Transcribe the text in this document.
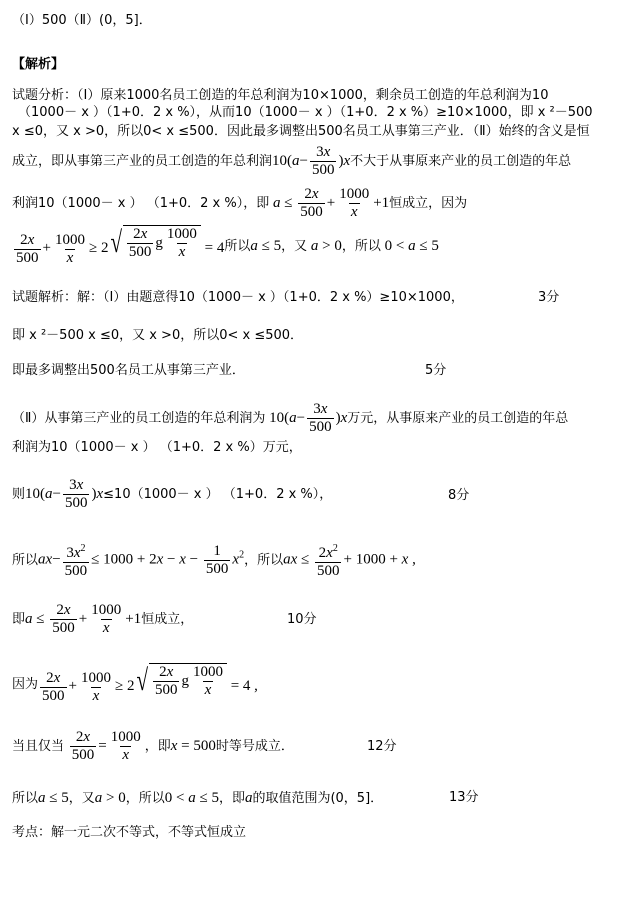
（Ⅰ）500（Ⅱ）(0，5]．
【解析】
试题分析：（Ⅰ）原来1000名员工创造的年总利润为10×1000，剩余员工创造的年总利润为10
（1000－ x ）（1+0．2 x %），从而10（1000－ x ）（1+0．2 x %）≥10×1000，即 x ²－500
x ≤0，又 x >0，所以0< x ≤500．因此最多调整出500名员工从事第三产业．（Ⅱ）始终的含义是恒
成立，即从事第三产业的员工创造的年总利润 $10(a- \frac{3x}{500} )x$ 不大于从事原来产业的员工创造的年总
利润10（1000－ x ） （1+0．2 x %），即 $a \le \frac{2x}{500} + \frac{1000}{x} +1$ 恒成立，因为
$\frac{2x}{500} + \frac{1000}{x} \ge 2$ √ $\frac{2x}{500}$ g $\frac{1000}{x} = 4$ 所以 a ≤ 5 ，又 a > 0 ，所以 0 < a ≤ 5
试题解析：解：（Ⅰ）由题意得10（1000－ x ）（1+0．2 x %）≥10×1000，	3分
即 x ²－500 x ≤0，又 x >0，所以0< x ≤500．
即最多调整出500名员工从事第三产业．	5分
（Ⅱ）从事第三产业的员工创造的年总利润为 $10(a- \frac{3x}{500} )x$ 万元，从事原来产业的员工创造的年总
利润为10（1000－ x ） （1+0．2 x %）万元，
则 $10(a- \frac{3x}{500} )x \le 10(1000- x$ ） （1+0．2 x %），	8分
所以 $ax- \frac{3x^2}{500} \le 1000 + 2x - x - \frac{1}{500} x^2$ ，所以 ax ≤ $\frac{2x^2}{500} + 1000 + x$ ,
即 $a \le \frac{2x}{500} + \frac{1000}{x} +1$ 恒成立，	10分
因为 $\frac{2x}{500} + \frac{1000}{x} \ge 2$ √ $\frac{2x}{500}$ g $\frac{1000}{x} = 4$ ,
当且仅当
$\frac{2x}{500} = \frac{1000}{x}$ ，即 x = 500 时等号成立．	12分
所以 a ≤ 5 ，又 a > 0 ，所以 0 < a ≤ 5 ，即 a 的取值范围为(0，5]．	13分
考点：解一元二次不等式，不等式恒成立
